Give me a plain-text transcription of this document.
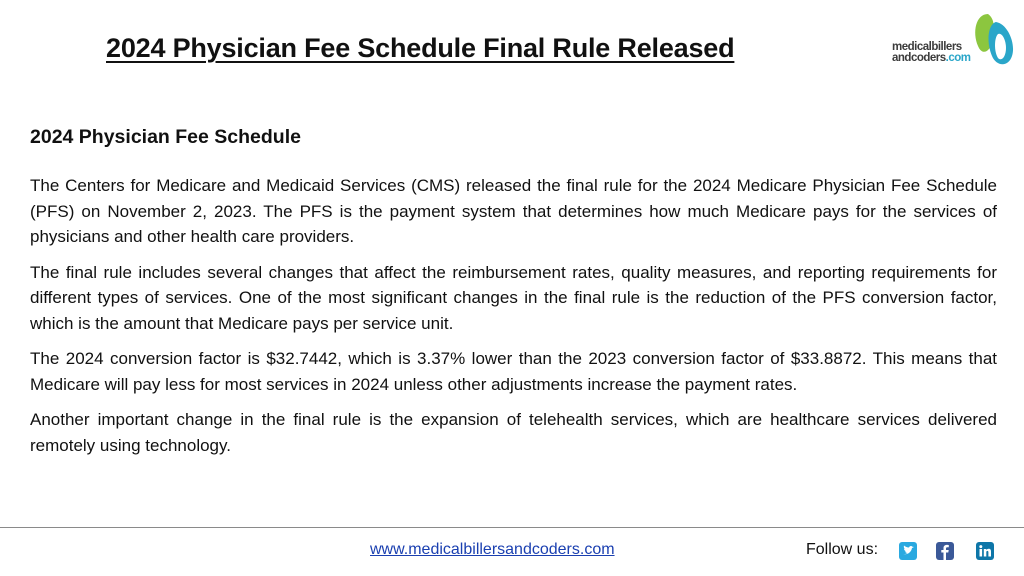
2024 Physician Fee Schedule Final Rule Released	medicalbillers
andcoders.com
2024 Physician Fee Schedule

The Centers for Medicare and Medicaid Services (CMS) released the final rule for the 2024 Medicare Physician Fee Schedule (PFS) on November 2, 2023. The PFS is the payment system that determines how much Medicare pays for the services of physicians and other health care providers.

The final rule includes several changes that affect the reimbursement rates, quality measures, and reporting requirements for different types of services. One of the most significant changes in the final rule is the reduction of the PFS conversion factor, which is the amount that Medicare pays per service unit.

The 2024 conversion factor is $32.7442, which is 3.37% lower than the 2023 conversion factor of $33.8872. This means that Medicare will pay less for most services in 2024 unless other adjustments increase the payment rates.

Another important change in the final rule is the expansion of telehealth services, which are healthcare services delivered remotely using technology.

www.medicalbillersandcoders.com	Follow us:
